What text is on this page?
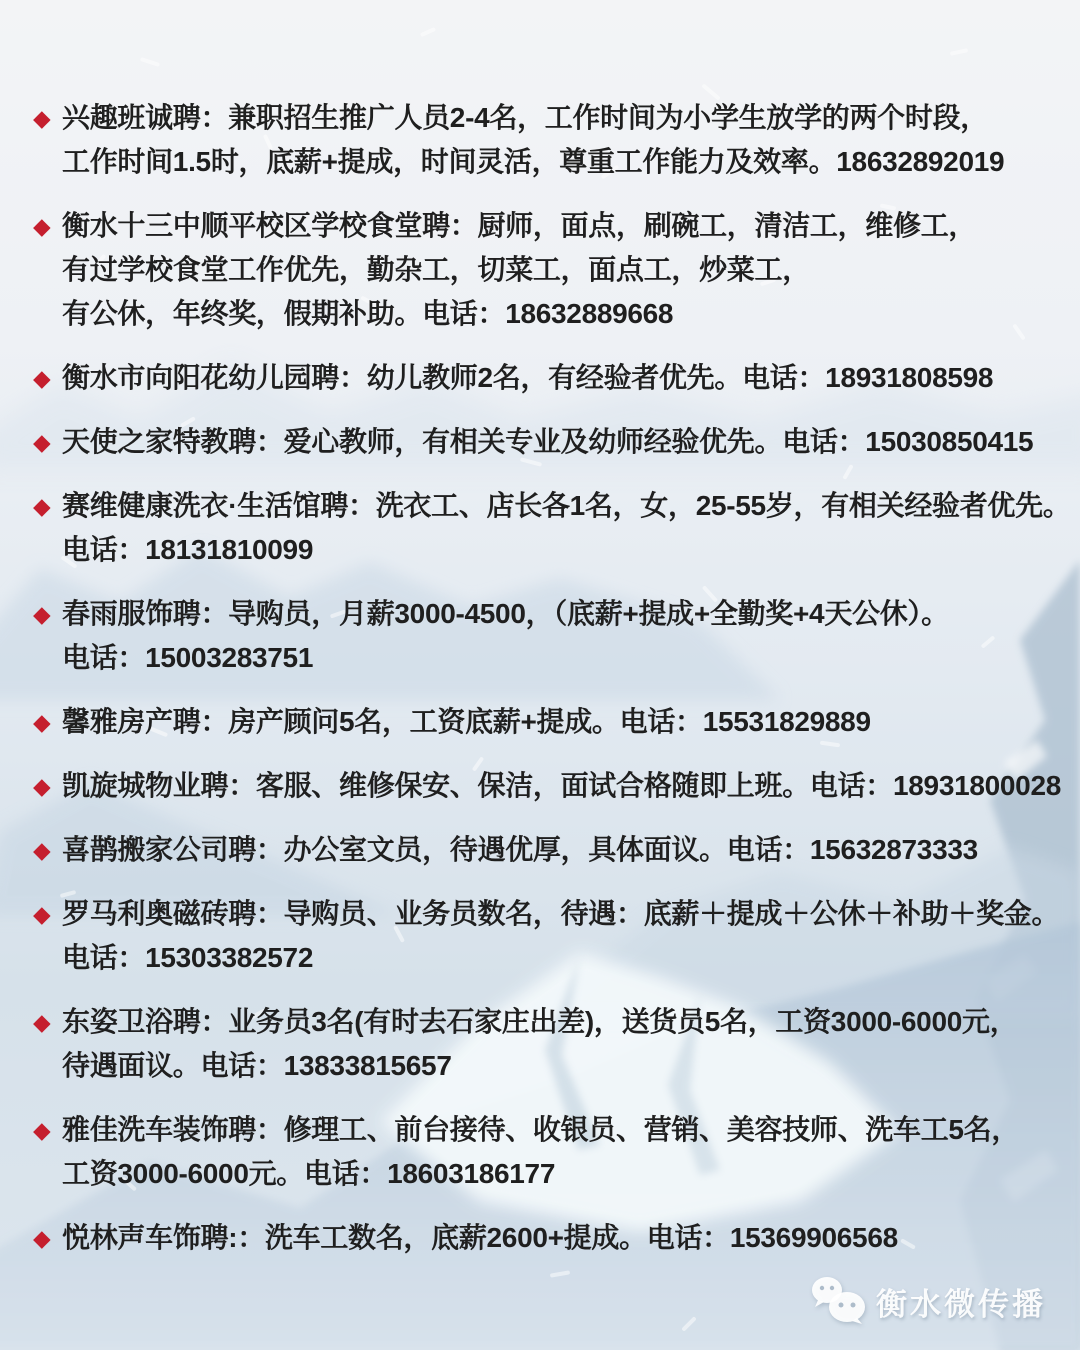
◆ 兴趣班诚聘：兼职招生推广人员2-4名，工作时间为小学生放学的两个时段，
工作时间1.5时，底薪+提成，时间灵活，尊重工作能力及效率。18632892019
◆ 衡水十三中顺平校区学校食堂聘：厨师，面点，刷碗工，清洁工，维修工，
有过学校食堂工作优先，勤杂工，切菜工，面点工，炒菜工，
有公休，年终奖，假期补助。电话：18632889668
◆ 衡水市向阳花幼儿园聘：幼儿教师2名，有经验者优先。电话：18931808598
◆ 天使之家特教聘：爱心教师，有相关专业及幼师经验优先。电话：15030850415
◆ 赛维健康洗衣·生活馆聘：洗衣工、店长各1名，女，25-55岁，有相关经验者优先。
电话：18131810099
◆ 春雨服饰聘：导购员，月薪3000-4500，（底薪+提成+全勤奖+4天公休）。
电话：15003283751
◆ 馨雅房产聘：房产顾问5名，工资底薪+提成。电话：15531829889
◆ 凯旋城物业聘：客服、维修保安、保洁，面试合格随即上班。电话：18931800028
◆ 喜鹊搬家公司聘：办公室文员，待遇优厚，具体面议。电话：15632873333
◆ 罗马利奥磁砖聘：导购员、业务员数名，待遇：底薪＋提成＋公休＋补助＋奖金。
电话：15303382572
◆ 东姿卫浴聘：业务员3名(有时去石家庄出差)，送货员5名，工资3000-6000元，
待遇面议。电话：13833815657
◆ 雅佳洗车装饰聘：修理工、前台接待、收银员、营销、美容技师、洗车工5名，
工资3000-6000元。电话：18603186177
◆ 悦林声车饰聘:：洗车工数名，底薪2600+提成。电话：15369906568
衡水微传播
